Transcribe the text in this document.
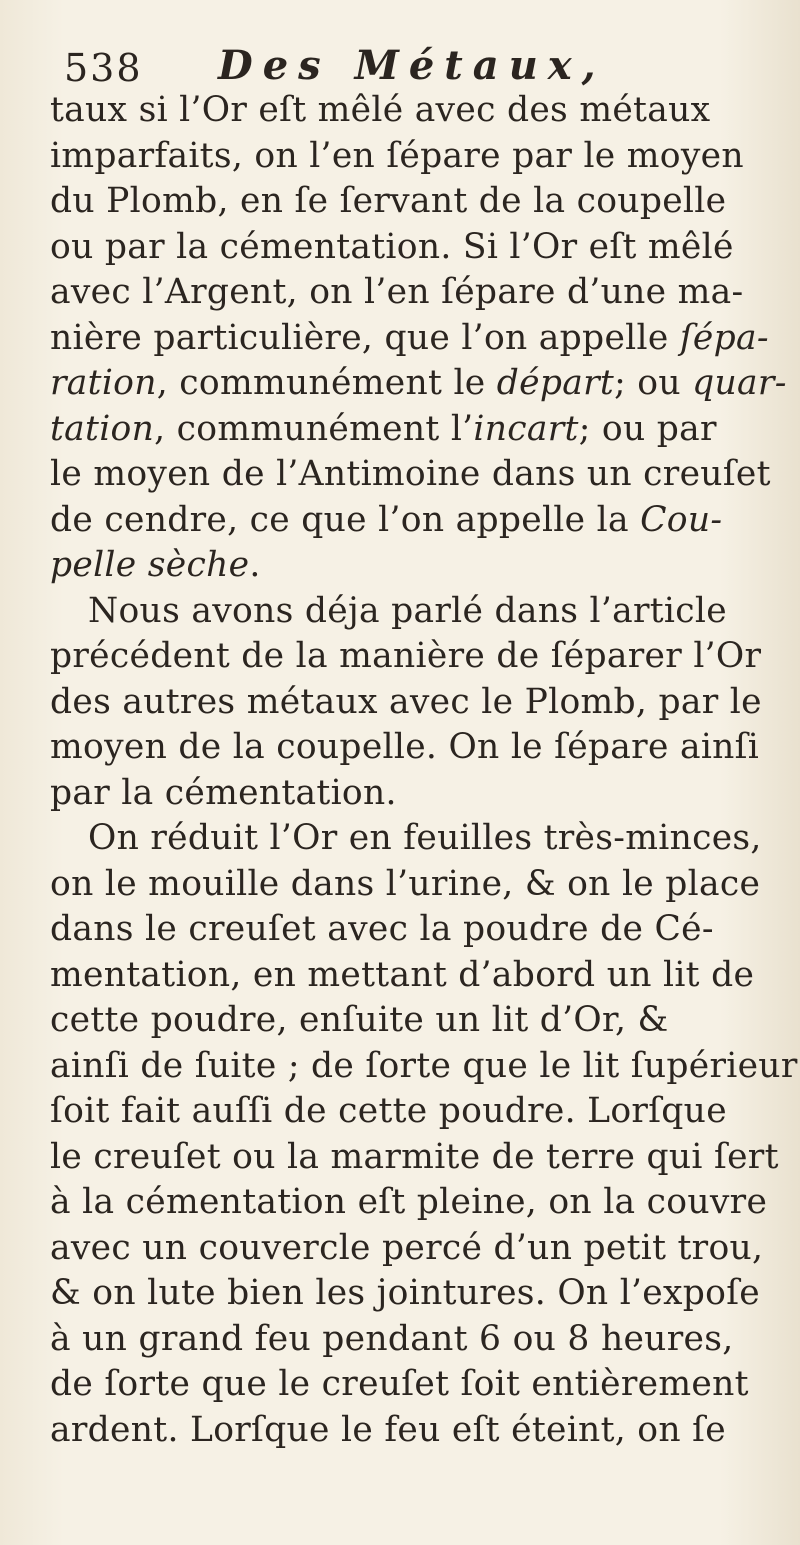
538 Des Métaux,
taux si l’Or eſt mêlé avec des métaux
imparfaits, on l’en ſépare par le moyen
du Plomb, en ſe ſervant de la coupelle
ou par la cémentation. Si l’Or eſt mêlé
avec l’Argent, on l’en ſépare d’une ma-
nière particulière, que l’on appelle ſépa-
ration, communément le départ; ou quar-
tation, communément l’incart; ou par
le moyen de l’Antimoine dans un creuſet
de cendre, ce que l’on appelle la Cou-
pelle sèche.
Nous avons déja parlé dans l’article
précédent de la manière de ſéparer l’Or
des autres métaux avec le Plomb, par le
moyen de la coupelle. On le ſépare ainſi
par la cémentation.
On réduit l’Or en feuilles très-minces,
on le mouille dans l’urine, & on le place
dans le creuſet avec la poudre de Cé-
mentation, en mettant d’abord un lit de
cette poudre, enſuite un lit d’Or, &
ainſi de ſuite ; de ſorte que le lit ſupérieur
ſoit fait auſſi de cette poudre. Lorſque
le creuſet ou la marmite de terre qui ſert
à la cémentation eſt pleine, on la couvre
avec un couvercle percé d’un petit trou,
& on lute bien les jointures. On l’expoſe
à un grand feu pendant 6 ou 8 heures,
de ſorte que le creuſet ſoit entièrement
ardent. Lorſque le feu eſt éteint, on ſe
